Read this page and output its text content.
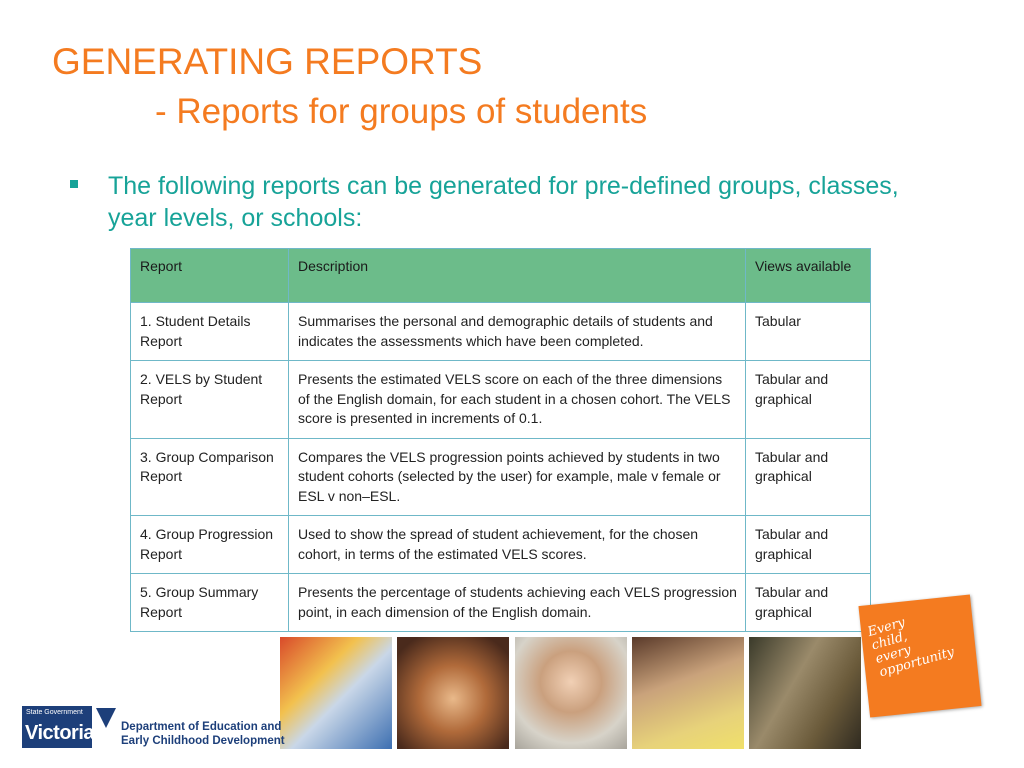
GENERATING REPORTS
- Reports for groups of students
The following reports can be generated for pre-defined groups, classes, year levels, or schools:
Report	Description	Views available
1. Student Details Report	Summarises the personal and demographic details of students and indicates the assessments which have been completed.	Tabular
2. VELS by Student Report	Presents the estimated VELS score on each of the three dimensions of the English domain, for each student in a chosen cohort. The VELS score is presented in increments of 0.1.	Tabular and graphical
3. Group Comparison Report	Compares the VELS progression points achieved by students in two student cohorts (selected by the user) for example, male v female or ESL v non–ESL.	Tabular and graphical
4. Group Progression Report	Used to show the spread of student achievement, for the chosen cohort, in terms of the estimated VELS scores.	Tabular and graphical
5. Group Summary Report	Presents the percentage of students achieving each VELS progression point, in each dimension of the English domain.	Tabular and graphical
Every
child,
every
opportunity
State Government
Victoria Department of Education and
Early Childhood Development
